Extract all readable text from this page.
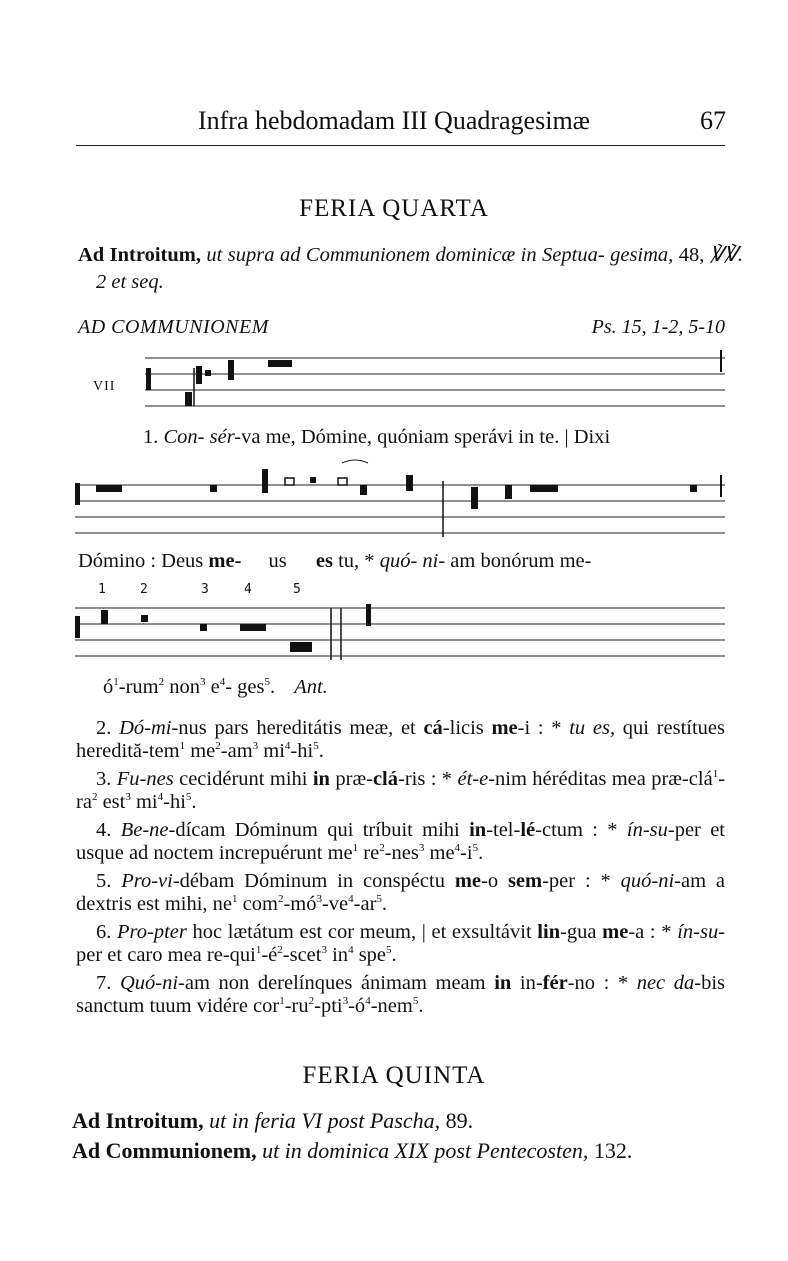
Infra hebdomadam III Quadragesimæ	67
FERIA QUARTA
Ad Introitum, ut supra ad Communionem dominicæ in Septua- gesima, 48, ℣℣. 2 et seq.
AD COMMUNIONEM	Ps. 15, 1-2, 5-10
VII
1. Con- sér-va me, Dómine, quóniam sperávi in te. | Dixi
Dómino : Deus me- us es tu, * quó- ni- am bonórum me-
1	2	3	4	5
$ó^1-rum^2$ non$^3$ $e^4-$ ges$^5$. Ant.
2. Dó-mi-nus pars hereditátis meæ, et cá-licis me-i : * tu es, qui restítues heredită-tem$^1$ $me^2-am^3$ $mi^4-hi^5$.
3. Fu-nes cecidérunt mihi in præ-clá-ris : * ét-e-nim héréditas mea præ-$clá^1-ra^2$ est$^3$ $mi^4-hi^5$.
4. Be-ne-dícam Dóminum qui tríbuit mihi in-tel-lé-ctum : * ín-su-per et usque ad noctem increpuérunt $me^1$ $re^2-nes^3$ $me^4-i^5$.
5. Pro-vi-débam Dóminum in conspéctu me-o sem-per : * quó-ni-am a dextris est mihi, $ne^1$ $com^2-mó^3-ve^4-ar^5$.
6. Pro-pter hoc lætátum est cor meum, | et exsultávit lin-gua me-a : * ín-su-per et caro mea $re-qui^1-é^2-scet^3$ $in^4$ spe$^5$.
7. Quó-ni-am non derelínques ánimam meam in in-fér-no : * nec da-bis sanctum tuum vidére $cor^1-ru^2-pti^3-ó^4-nem^5$.
FERIA QUINTA
Ad Introitum, ut in feria VI post Pascha, 89.
Ad Communionem, ut in dominica XIX post Pentecosten, 132.
